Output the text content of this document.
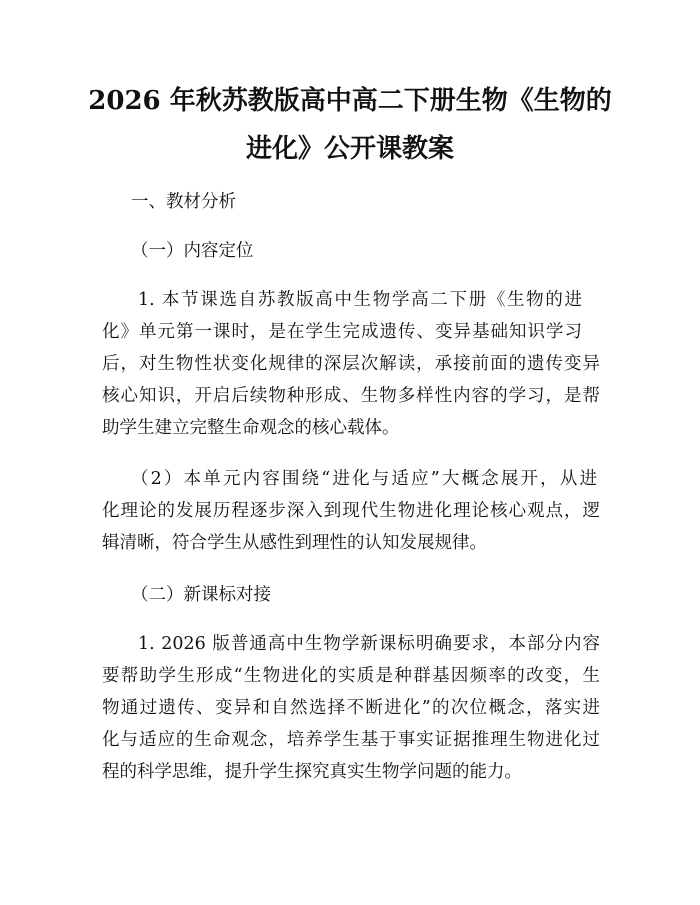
2026 年秋苏教版高中高二下册生物《生物的
进化》公开课教案

一、教材分析

（一）内容定位

1. 本节课选自苏教版高中生物学高二下册《生物的进

化》单元第一课时，是在学生完成遗传、变异基础知识学习

后，对生物性状变化规律的深层次解读，承接前面的遗传变异

核心知识，开启后续物种形成、生物多样性内容的学习，是帮

助学生建立完整生命观念的核心载体。

（2）本单元内容围绕“进化与适应”大概念展开，从进

化理论的发展历程逐步深入到现代生物进化理论核心观点，逻

辑清晰，符合学生从感性到理性的认知发展规律。

（二）新课标对接

1. 2026 版普通高中生物学新课标明确要求，本部分内容

要帮助学生形成“生物进化的实质是种群基因频率的改变，生

物通过遗传、变异和自然选择不断进化”的次位概念，落实进

化与适应的生命观念，培养学生基于事实证据推理生物进化过

程的科学思维，提升学生探究真实生物学问题的能力。
